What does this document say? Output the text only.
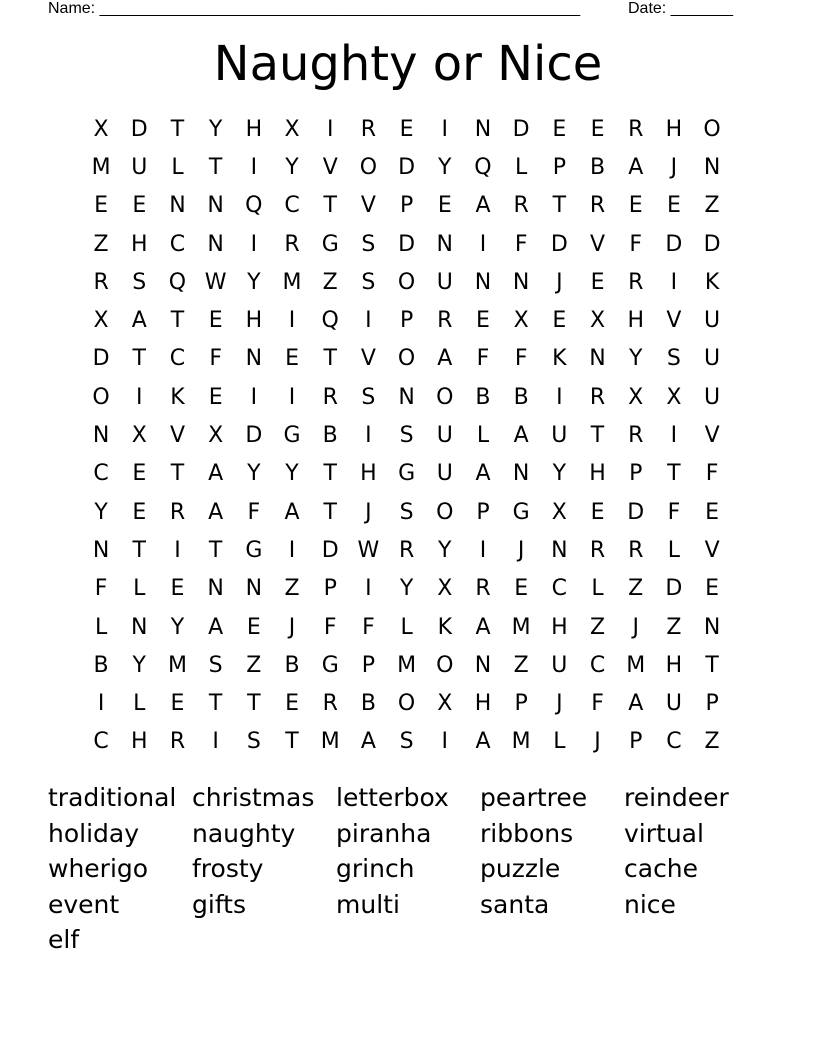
Name: ______________________________________________________	Date: _______
Naughty or Nice
X	D	T	Y	H	X	I	R	E	I	N D	E	E	R	H O
M U	L	T	I	Y	V O D	Y	Q	L	P	B	A	J	N
E	E	N N Q C	T	V	P	E	A	R	T	R	E	E	Z
Z	H	C	N	I	R	G	S	D N	I	F	D	V	F	D D
R	S	Q W Y M Z	S	O U N N	J	E	R	I	K
X	A	T	E	H	I	Q	I	P	R	E	X	E	X	H	V	U
D	T	C	F	N	E	T	V O	A	F	F	K	N	Y	S	U
O	I	K	E	I	I	R	S	N O B	B	I	R	X	X	U
N	X	V	X	D G	B	I	S	U	L	A	U	T	R	I	V
C	E	T	A	Y	Y	T	H G U	A	N	Y	H	P	T	F
Y	E	R	A	F	A	T	J	S	O	P	G	X	E	D	F	E
N	T	I	T	G	I	D W R	Y	I	J	N	R	R	L	V
F	L	E	N N	Z	P	I	Y	X	R	E	C	L	Z	D	E
L	N	Y	A	E	J	F	F	L	K	A M H	Z	J	Z	N
B	Y M S	Z	B	G	P	M O N	Z	U	C M H	T
I	L	E	T	T	E	R	B O X	H	P	J	F	A	U	P
C	H	R	I	S	T M A	S	I	A M	L	J	P	C	Z
traditional christmas letterbox	peartree	reindeer
holiday	naughty	piranha	ribbons	virtual
wherigo	frosty	grinch	puzzle	cache
event	gifts	multi	santa	nice
elf
